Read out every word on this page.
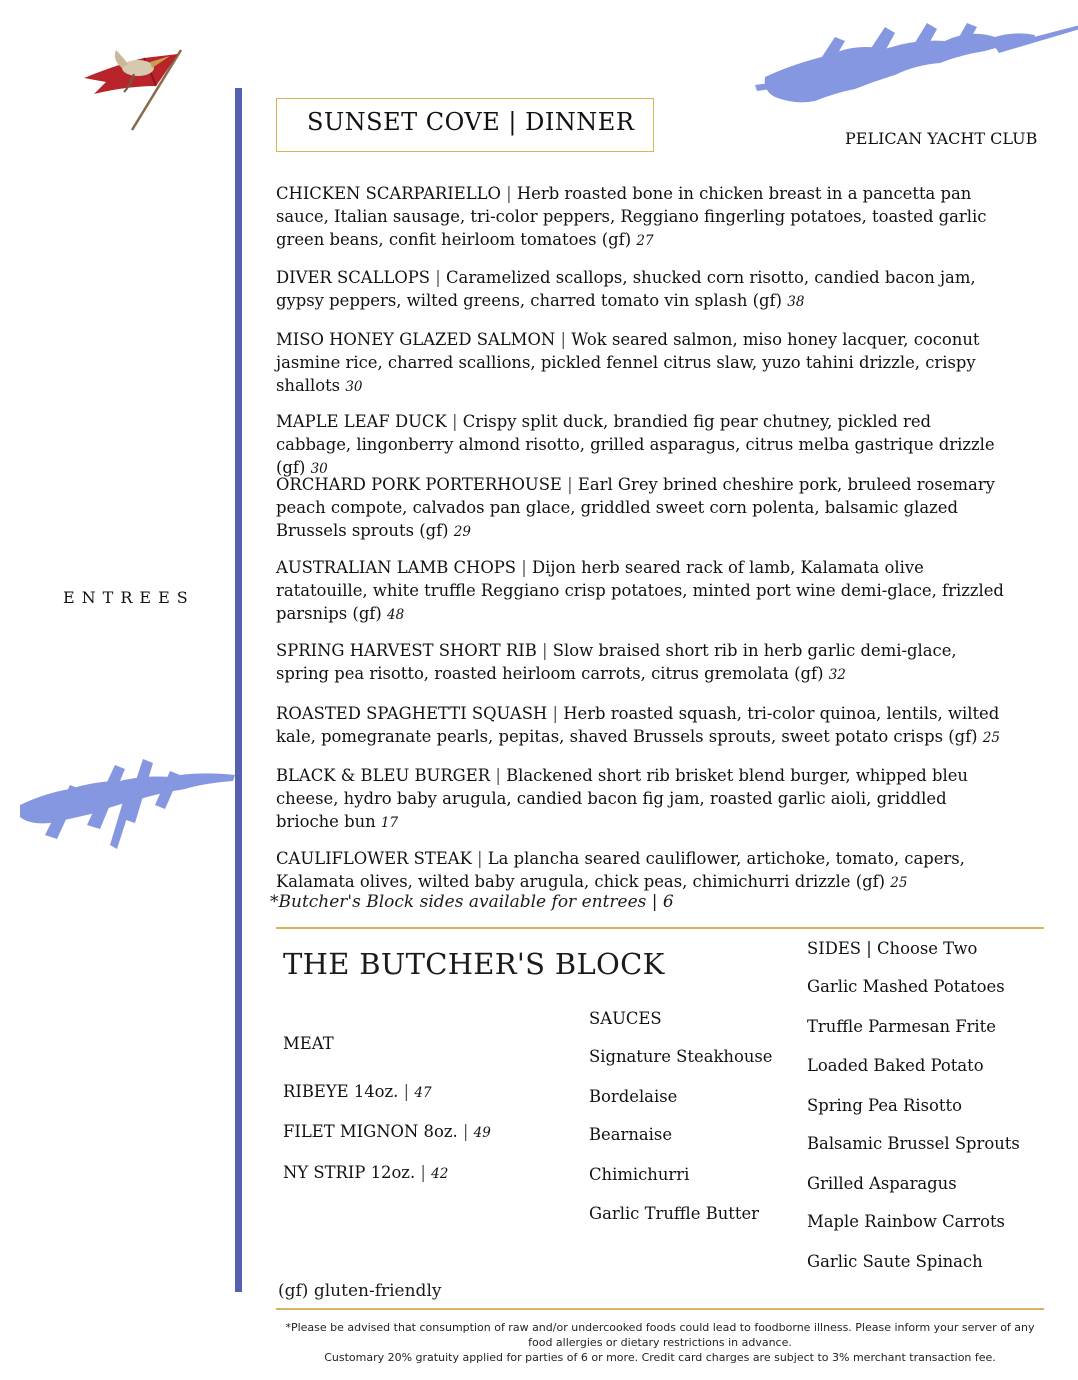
SUNSET COVE | DINNER
PELICAN YACHT CLUB
ENTREES
CHICKEN SCARPARIELLO | Herb roasted bone in chicken breast in a pancetta pan sauce, Italian sausage, tri-color peppers, Reggiano fingerling potatoes, toasted garlic green beans, confit heirloom tomatoes (gf) 27
DIVER SCALLOPS | Caramelized scallops, shucked corn risotto, candied bacon jam, gypsy peppers, wilted greens, charred tomato vin splash (gf) 38
MISO HONEY GLAZED SALMON | Wok seared salmon, miso honey lacquer, coconut jasmine rice, charred scallions, pickled fennel citrus slaw, yuzo tahini drizzle, crispy shallots 30
MAPLE LEAF DUCK | Crispy split duck, brandied fig pear chutney, pickled red cabbage, lingonberry almond risotto, grilled asparagus, citrus melba gastrique drizzle (gf) 30
ORCHARD PORK PORTERHOUSE | Earl Grey brined cheshire pork, bruleed rosemary peach compote, calvados pan glace, griddled sweet corn polenta, balsamic glazed Brussels sprouts (gf) 29
AUSTRALIAN LAMB CHOPS | Dijon herb seared rack of lamb, Kalamata olive ratatouille, white truffle Reggiano crisp potatoes, minted port wine demi-glace, frizzled parsnips (gf) 48
SPRING HARVEST SHORT RIB | Slow braised short rib in herb garlic demi-glace, spring pea risotto, roasted heirloom carrots, citrus gremolata (gf) 32
ROASTED SPAGHETTI SQUASH | Herb roasted squash, tri-color quinoa, lentils, wilted kale, pomegranate pearls, pepitas, shaved Brussels sprouts, sweet potato crisps (gf) 25
BLACK & BLEU BURGER | Blackened short rib brisket blend burger, whipped bleu cheese, hydro baby arugula, candied bacon fig jam, roasted garlic aioli, griddled brioche bun 17
CAULIFLOWER STEAK | La plancha seared cauliflower, artichoke, tomato, capers, Kalamata olives, wilted baby arugula, chick peas, chimichurri drizzle (gf) 25
*Butcher's Block sides available for entrees | 6
THE BUTCHER'S BLOCK
MEAT
RIBEYE 14oz. | 47
FILET MIGNON 8oz. | 49
NY STRIP 12oz. | 42
SAUCES
Signature Steakhouse
Bordelaise
Bearnaise
Chimichurri
Garlic Truffle Butter
SIDES | Choose Two
Garlic Mashed Potatoes
Truffle Parmesan Frite
Loaded Baked Potato
Spring Pea Risotto
Balsamic Brussel Sprouts
Grilled Asparagus
Maple Rainbow Carrots
Garlic Saute Spinach
(gf) gluten-friendly
*Please be advised that consumption of raw and/or undercooked foods could lead to foodborne illness. Please inform your server of any
food allergies or dietary restrictions in advance.
Customary 20% gratuity applied for parties of 6 or more. Credit card charges are subject to 3% merchant transaction fee.
